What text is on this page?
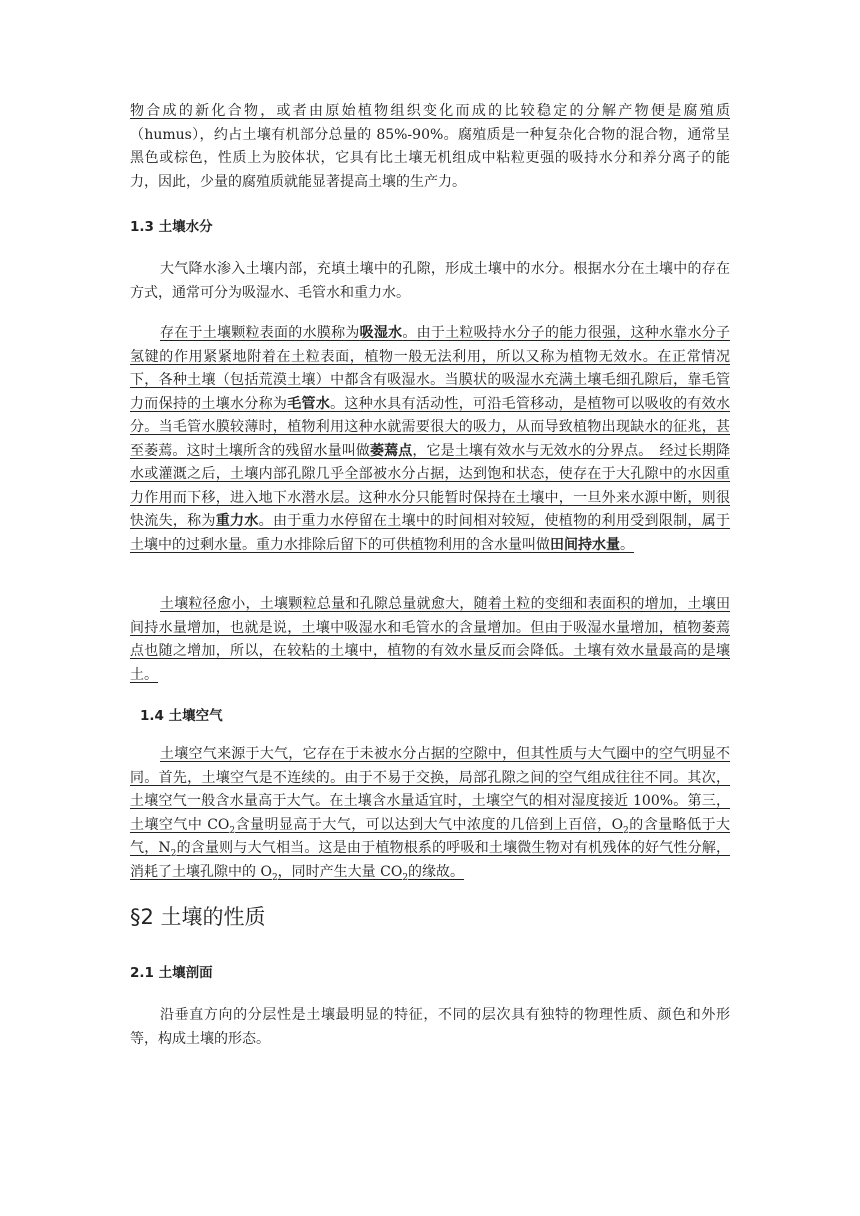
物合成的新化合物，或者由原始植物组织变化而成的比较稳定的分解产物便是腐殖质（humus），约占土壤有机部分总量的 85%-90%。腐殖质是一种复杂化合物的混合物，通常呈黑色或棕色，性质上为胶体状，它具有比土壤无机组成中粘粒更强的吸持水分和养分离子的能力，因此，少量的腐殖质就能显著提高土壤的生产力。

1.3 土壤水分

大气降水渗入土壤内部，充填土壤中的孔隙，形成土壤中的水分。根据水分在土壤中的存在方式，通常可分为吸湿水、毛管水和重力水。

存在于土壤颗粒表面的水膜称为吸湿水。由于土粒吸持水分子的能力很强，这种水靠水分子氢键的作用紧紧地附着在土粒表面，植物一般无法利用，所以又称为植物无效水。在正常情况下，各种土壤（包括荒漠土壤）中都含有吸湿水。当膜状的吸湿水充满土壤毛细孔隙后，靠毛管力而保持的土壤水分称为毛管水。这种水具有活动性，可沿毛管移动，是植物可以吸收的有效水分。当毛管水膜较薄时，植物利用这种水就需要很大的吸力，从而导致植物出现缺水的征兆，甚至萎蔫。这时土壤所含的残留水量叫做萎蔫点，它是土壤有效水与无效水的分界点。　经过长期降水或灌溉之后，土壤内部孔隙几乎全部被水分占据，达到饱和状态，使存在于大孔隙中的水因重力作用而下移，进入地下水潜水层。这种水分只能暂时保持在土壤中，一旦外来水源中断，则很快流失，称为重力水。由于重力水停留在土壤中的时间相对较短，使植物的利用受到限制，属于土壤中的过剩水量。重力水排除后留下的可供植物利用的含水量叫做田间持水量。

土壤粒径愈小，土壤颗粒总量和孔隙总量就愈大，随着土粒的变细和表面积的增加，土壤田间持水量增加，也就是说，土壤中吸湿水和毛管水的含量增加。但由于吸湿水量增加，植物萎蔫点也随之增加，所以，在较粘的土壤中，植物的有效水量反而会降低。土壤有效水量最高的是壤土。

1.4 土壤空气

土壤空气来源于大气，它存在于未被水分占据的空隙中，但其性质与大气圈中的空气明显不同。首先，土壤空气是不连续的。由于不易于交换，局部孔隙之间的空气组成往往不同。其次，土壤空气一般含水量高于大气。在土壤含水量适宜时，土壤空气的相对湿度接近 100%。第三，土壤空气中 $CO_2$含量明显高于大气，可以达到大气中浓度的几倍到上百倍，$O_2$的含量略低于大气，$N_2$的含量则与大气相当。这是由于植物根系的呼吸和土壤微生物对有机残体的好气性分解，消耗了土壤孔隙中的 $O_2$，同时产生大量 $CO_2$的缘故。

§2 土壤的性质
2.1 土壤剖面

沿垂直方向的分层性是土壤最明显的特征，不同的层次具有独特的物理性质、颜色和外形等，构成土壤的形态。
